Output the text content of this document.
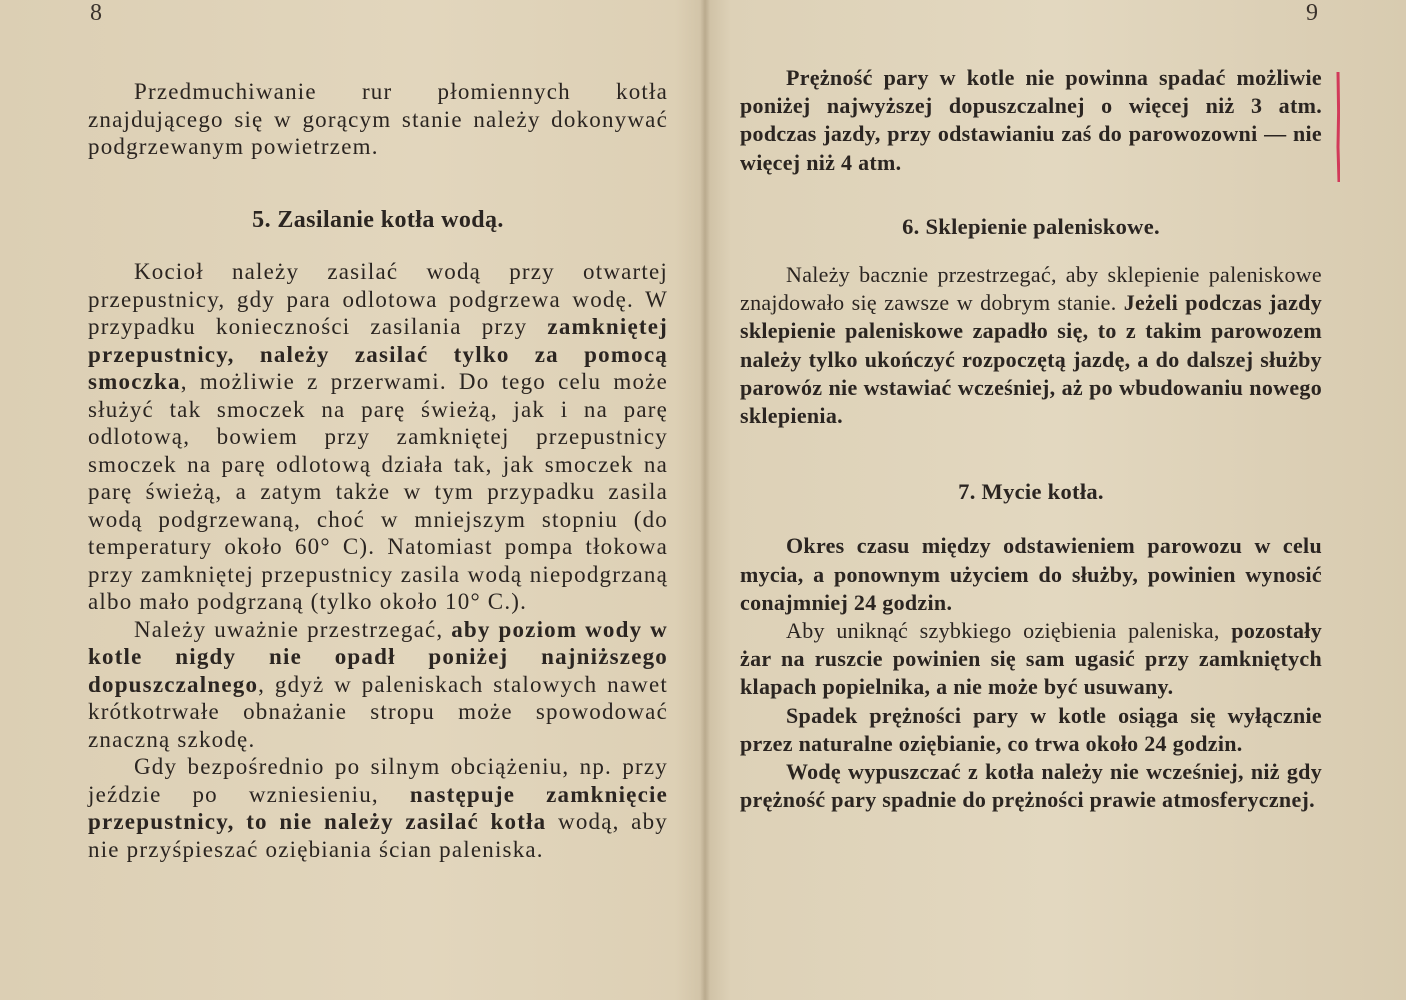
8

Przedmuchiwanie rur płomiennych kotła znajdującego się w gorącym stanie należy dokonywać podgrzewanym powietrzem.

5. Zasilanie kotła wodą.

Kocioł należy zasilać wodą przy otwartej przepustnicy, gdy para odlotowa podgrzewa wodę. W przypadku konieczności zasilania przy zamkniętej przepustnicy, należy zasilać tylko za pomocą smoczka, możliwie z przerwami. Do tego celu może służyć tak smoczek na parę świeżą, jak i na parę odlotową, bowiem przy zamkniętej przepustnicy smoczek na parę odlotową działa tak, jak smoczek na parę świeżą, a zatym także w tym przypadku zasila wodą podgrzewaną, choć w mniejszym stopniu (do temperatury około 60° C). Natomiast pompa tłokowa przy zamkniętej przepustnicy zasila wodą niepodgrzaną albo mało podgrzaną (tylko około 10° C.).

Należy uważnie przestrzegać, aby poziom wody w kotle nigdy nie opadł poniżej najniższego dopuszczalnego, gdyż w paleniskach stalowych nawet krótkotrwałe obnażanie stropu może spowodować znaczną szkodę.

Gdy bezpośrednio po silnym obciążeniu, np. przy jeździe po wzniesieniu, następuje zamknięcie przepustnicy, to nie należy zasilać kotła wodą, aby nie przyśpieszać oziębiania ścian paleniska.

9

Prężność pary w kotle nie powinna spadać możliwie poniżej najwyższej dopuszczalnej o więcej niż 3 atm. podczas jazdy, przy odstawianiu zaś do parowozowni — nie więcej niż 4 atm.

6. Sklepienie paleniskowe.

Należy bacznie przestrzegać, aby sklepienie paleniskowe znajdowało się zawsze w dobrym stanie. Jeżeli podczas jazdy sklepienie paleniskowe zapadło się, to z takim parowozem należy tylko ukończyć rozpoczętą jazdę, a do dalszej służby parowóz nie wstawiać wcześniej, aż po wbudowaniu nowego sklepienia.

7. Mycie kotła.

Okres czasu między odstawieniem parowozu w celu mycia, a ponownym użyciem do służby, powinien wynosić conajmniej 24 godzin.

Aby uniknąć szybkiego oziębienia paleniska, pozostały żar na ruszcie powinien się sam ugasić przy zamkniętych klapach popielnika, a nie może być usuwany.

Spadek prężności pary w kotle osiąga się wyłącznie przez naturalne oziębianie, co trwa około 24 godzin.

Wodę wypuszczać z kotła należy nie wcześniej, niż gdy prężność pary spadnie do prężności prawie atmosferycznej.
